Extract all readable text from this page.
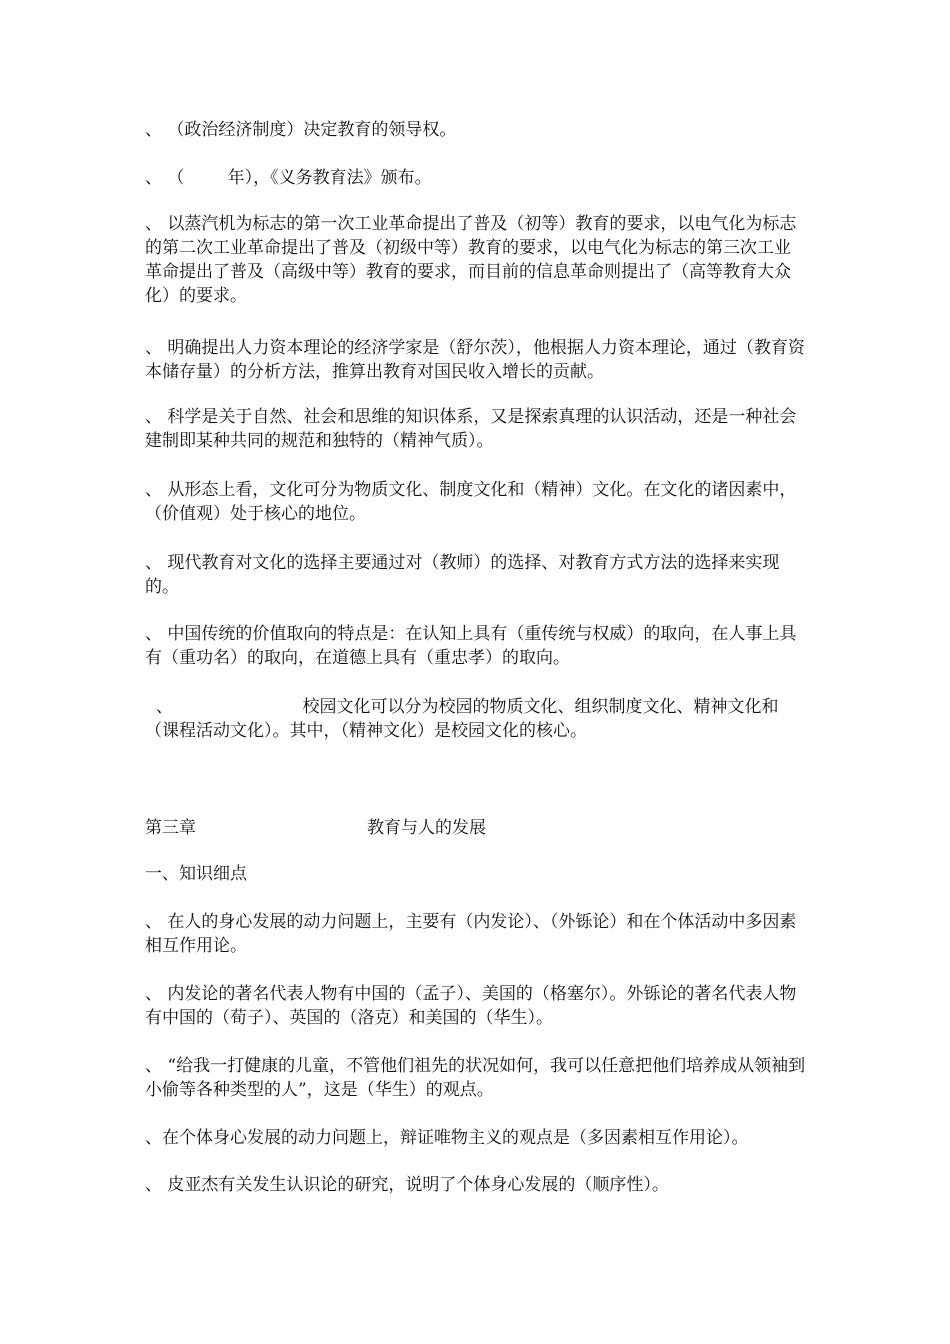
、 （政治经济制度）决定教育的领导权。

、 （        年），《义务教育法》颁布。

、 以蒸汽机为标志的第一次工业革命提出了普及（初等）教育的要求，以电气化为标志的第二次工业革命提出了普及（初级中等）教育的要求，以电气化为标志的第三次工业革命提出了普及（高级中等）教育的要求，而目前的信息革命则提出了（高等教育大众化）的要求。

、 明确提出人力资本理论的经济学家是（舒尔茨），他根据人力资本理论，通过（教育资本储存量）的分析方法，推算出教育对国民收入增长的贡献。

、 科学是关于自然、社会和思维的知识体系，又是探索真理的认识活动，还是一种社会建制即某种共同的规范和独特的（精神气质）。

、 从形态上看，文化可分为物质文化、制度文化和（精神）文化。在文化的诸因素中，（价值观）处于核心的地位。

、 现代教育对文化的选择主要通过对（教师）的选择、对教育方式方法的选择来实现的。

、 中国传统的价值取向的特点是：在认知上具有（重传统与权威）的取向，在人事上具有（重功名）的取向，在道德上具有（重忠孝）的取向。

、                        校园文化可以分为校园的物质文化、组织制度文化、精神文化和（课程活动文化）。其中，（精神文化）是校园文化的核心。

第三章	教育与人的发展

一、知识细点

、 在人的身心发展的动力问题上，主要有（内发论）、（外铄论）和在个体活动中多因素相互作用论。

、 内发论的著名代表人物有中国的（孟子）、美国的（格塞尔）。外铄论的著名代表人物有中国的（荀子）、英国的（洛克）和美国的（华生）。

、 “给我一打健康的儿童，不管他们祖先的状况如何，我可以任意把他们培养成从领袖到小偷等各种类型的人”，这是（华生）的观点。

、在个体身心发展的动力问题上，辩证唯物主义的观点是（多因素相互作用论）。

、 皮亚杰有关发生认识论的研究，说明了个体身心发展的（顺序性）。
